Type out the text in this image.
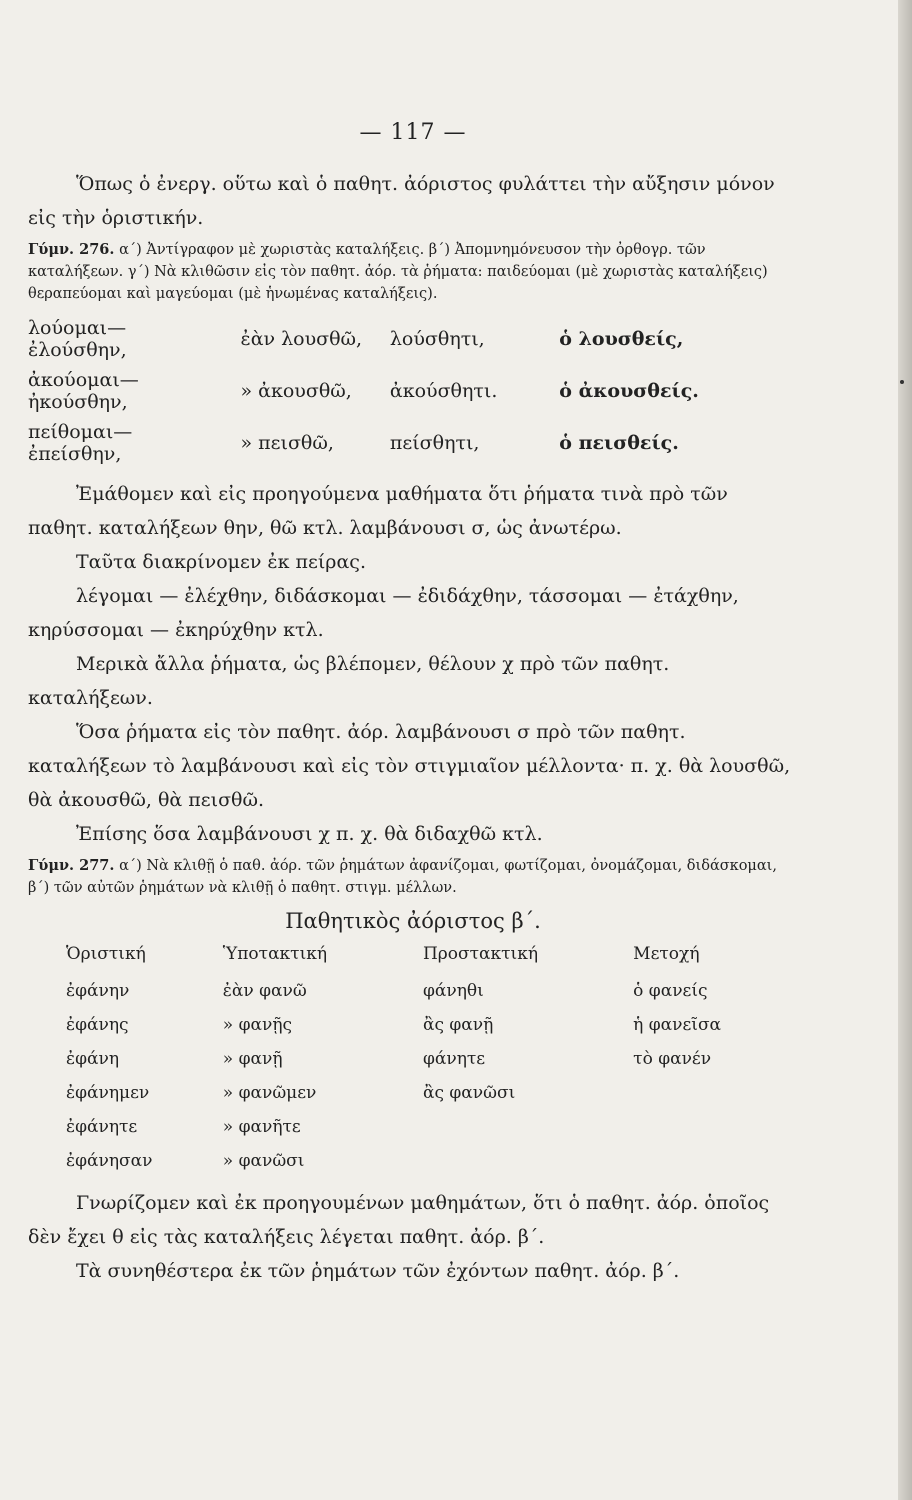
— 117 —

Ὅπως ὁ ἐνεργ. οὕτω καὶ ὁ παθητ. ἀόριστος φυλάττει τὴν αὔξησιν μόνον εἰς τὴν ὁριστικήν.

Γύμν. 276. α΄) Ἀντίγραφον μὲ χωριστὰς καταλήξεις. β΄) Ἀπομνημόνευσον τὴν ὀρθογρ. τῶν καταλήξεων. γ΄) Νὰ κλιθῶσιν εἰς τὸν παθητ. ἀόρ. τὰ ῥήματα: παιδεύομαι (μὲ χωριστὰς καταλήξεις) θεραπεύομαι καὶ μαγεύομαι (μὲ ἡνωμένας καταλήξεις).

λούομαι— ἐλούσθην,	ἐὰν λουσθῶ,	λούσθητι,	ὁ λουσθείς,
ἀκούομαι— ἠκούσθην,	» ἀκουσθῶ,	ἀκούσθητι.	ὁ ἀκουσθείς.
πείθομαι— ἐπείσθην,	» πεισθῶ,	πείσθητι,	ὁ πεισθείς.

Ἐμάθομεν καὶ εἰς προηγούμενα μαθήματα ὅτι ῥήματα τινὰ πρὸ τῶν παθητ. καταλήξεων θην, θῶ κτλ. λαμβάνουσι σ, ὡς ἀνωτέρω.

Ταῦτα διακρίνομεν ἐκ πείρας.

λέγομαι — ἐλέχθην, διδάσκομαι — ἐδιδάχθην, τάσσομαι — ἐτάχθην, κηρύσσομαι — ἐκηρύχθην κτλ.

Μερικὰ ἄλλα ῥήματα, ὡς βλέπομεν, θέλουν χ πρὸ τῶν παθητ. καταλήξεων.

Ὅσα ῥήματα εἰς τὸν παθητ. ἀόρ. λαμβάνουσι σ πρὸ τῶν παθητ. καταλήξεων τὸ λαμβάνουσι καὶ εἰς τὸν στιγμιαῖον μέλλοντα· π. χ. θὰ λουσθῶ, θὰ ἀκουσθῶ, θὰ πεισθῶ.

Ἐπίσης ὅσα λαμβάνουσι χ π. χ. θὰ διδαχθῶ κτλ.

Γύμν. 277. α΄) Νὰ κλιθῇ ὁ παθ. ἀόρ. τῶν ῥημάτων ἀφανίζομαι, φωτίζομαι, ὀνομάζομαι, διδάσκομαι, β΄) τῶν αὐτῶν ῥημάτων νὰ κλιθῇ ὁ παθητ. στιγμ. μέλλων.

Παθητικὸς ἀόριστος β΄.
Ὁριστική	Ὑποτακτική	Προστακτική	Μετοχή
ἐφάνην	ἐὰν φανῶ	φάνηθι	ὁ φανείς
ἐφάνης	» φανῇς	ἂς φανῇ	ἡ φανεῖσα
ἐφάνη	» φανῇ	φάνητε	τὸ φανέν
ἐφάνημεν	» φανῶμεν	ἂς φανῶσι	
ἐφάνητε	» φανῆτε		
ἐφάνησαν	» φανῶσι		

Γνωρίζομεν καὶ ἐκ προηγουμένων μαθημάτων, ὅτι ὁ παθητ. ἀόρ. ὁποῖος δὲν ἔχει θ εἰς τὰς καταλήξεις λέγεται παθητ. ἀόρ. β΄.

Τὰ συνηθέστερα ἐκ τῶν ῥημάτων τῶν ἐχόντων παθητ. ἀόρ. β΄.
